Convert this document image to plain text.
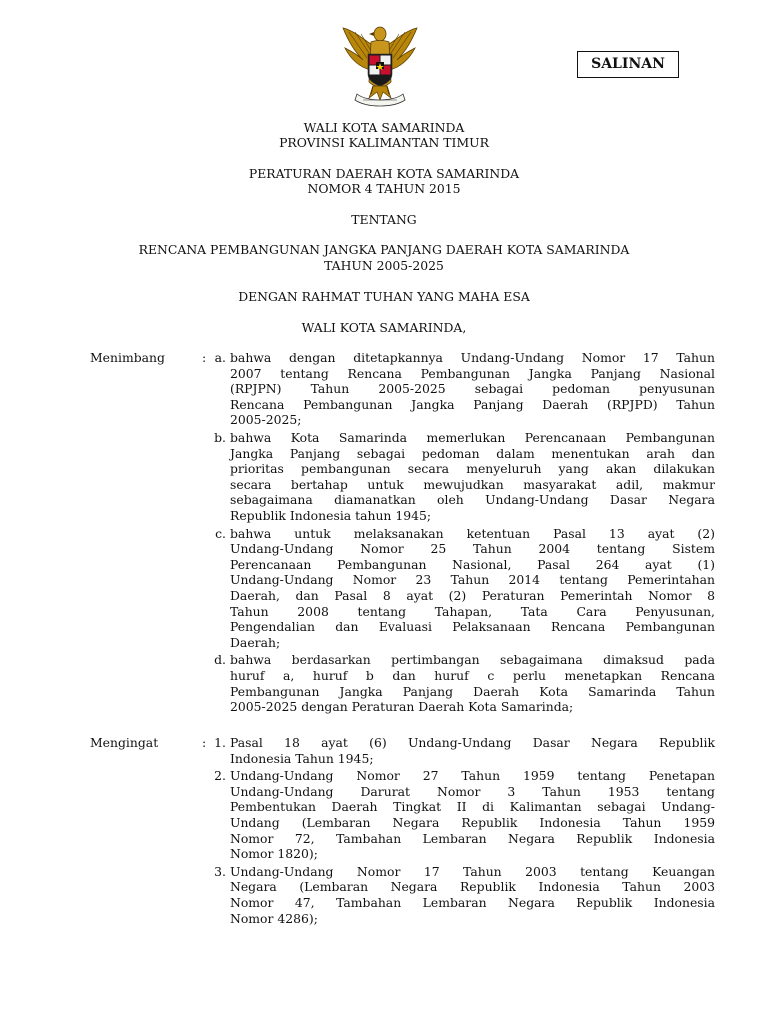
SALINAN
WALI KOTA SAMARINDA
PROVINSI KALIMANTAN TIMUR
PERATURAN DAERAH KOTA SAMARINDA
NOMOR 4 TAHUN 2015
TENTANG
RENCANA PEMBANGUNAN JANGKA PANJANG DAERAH KOTA SAMARINDA
TAHUN 2005-2025
DENGAN RAHMAT TUHAN YANG MAHA ESA
WALI KOTA SAMARINDA,
Menimbang	: a. bahwa dengan ditetapkannya Undang-Undang Nomor 17 Tahun
2007 tentang Rencana Pembangunan Jangka Panjang Nasional
(RPJPN) Tahun 2005-2025 sebagai pedoman penyusunan
Rencana Pembangunan Jangka Panjang Daerah (RPJPD) Tahun
2005-2025;
b. bahwa Kota Samarinda memerlukan Perencanaan Pembangunan
Jangka Panjang sebagai pedoman dalam menentukan arah dan
prioritas pembangunan secara menyeluruh yang akan dilakukan
secara bertahap untuk mewujudkan masyarakat adil, makmur
sebagaimana diamanatkan oleh Undang-Undang Dasar Negara
Republik Indonesia tahun 1945;
c. bahwa untuk melaksanakan ketentuan Pasal 13 ayat (2)
Undang-Undang Nomor 25 Tahun 2004 tentang Sistem
Perencanaan Pembangunan Nasional, Pasal 264 ayat (1)
Undang-Undang Nomor 23 Tahun 2014 tentang Pemerintahan
Daerah, dan Pasal 8 ayat (2) Peraturan Pemerintah Nomor 8
Tahun 2008 tentang Tahapan, Tata Cara Penyusunan,
Pengendalian dan Evaluasi Pelaksanaan Rencana Pembangunan
Daerah;
d. bahwa berdasarkan pertimbangan sebagaimana dimaksud pada
huruf a, huruf b dan huruf c perlu menetapkan Rencana
Pembangunan Jangka Panjang Daerah Kota Samarinda Tahun
2005-2025 dengan Peraturan Daerah Kota Samarinda;
Mengingat	: 1. Pasal 18 ayat (6) Undang-Undang Dasar Negara Republik
Indonesia Tahun 1945;
2. Undang-Undang Nomor 27 Tahun 1959 tentang Penetapan
Undang-Undang Darurat Nomor 3 Tahun 1953 tentang
Pembentukan Daerah Tingkat II di Kalimantan sebagai Undang-
Undang (Lembaran Negara Republik Indonesia Tahun 1959
Nomor 72, Tambahan Lembaran Negara Republik Indonesia
Nomor 1820);
3. Undang-Undang Nomor 17 Tahun 2003 tentang Keuangan
Negara (Lembaran Negara Republik Indonesia Tahun 2003
Nomor 47, Tambahan Lembaran Negara Republik Indonesia
Nomor 4286);
